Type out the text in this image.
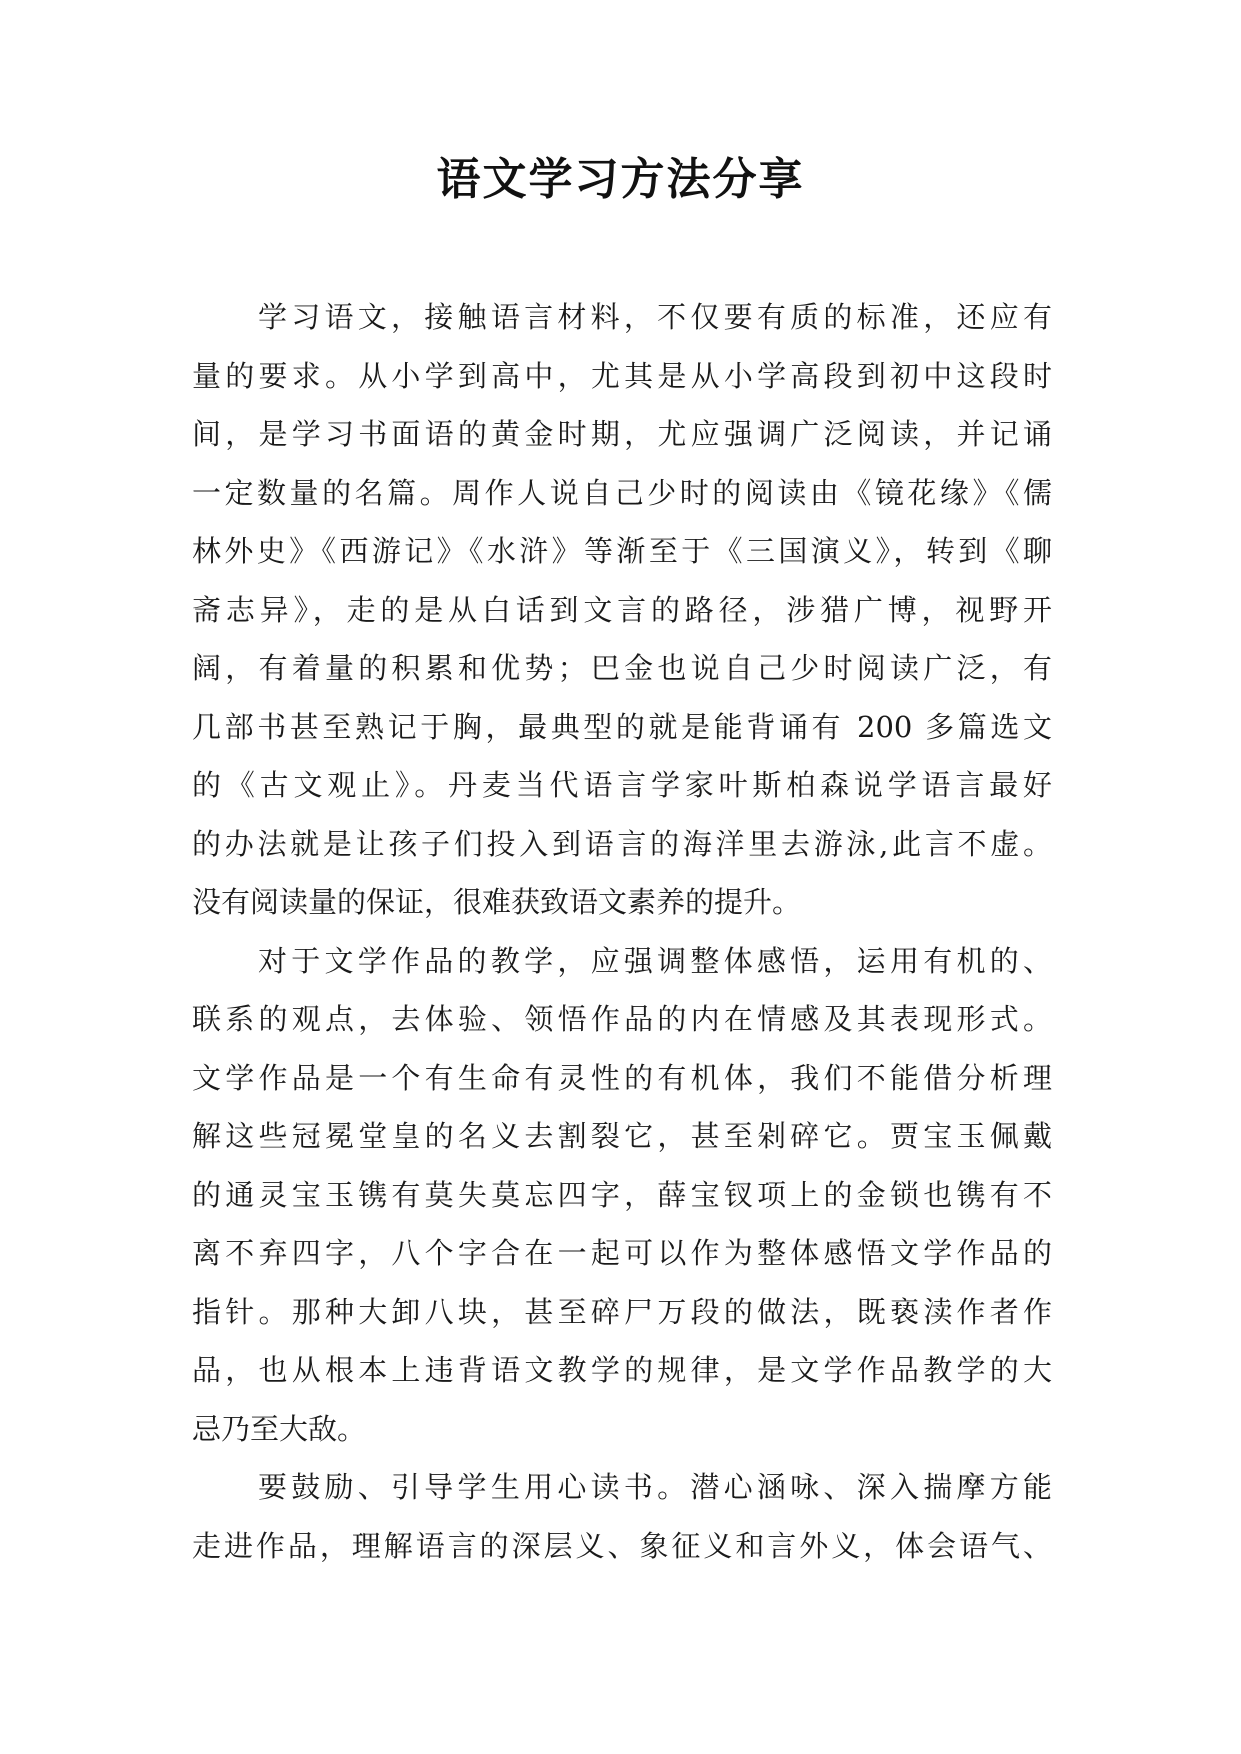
语文学习方法分享
学习语文，接触语言材料，不仅要有质的标准，还应有
量的要求。从小学到高中，尤其是从小学高段到初中这段时
间，是学习书面语的黄金时期，尤应强调广泛阅读，并记诵
一定数量的名篇。周作人说自己少时的阅读由《镜花缘》《儒
林外史》《西游记》《水浒》等渐至于《三国演义》，转到《聊
斋志异》，走的是从白话到文言的路径，涉猎广博，视野开
阔，有着量的积累和优势；巴金也说自己少时阅读广泛，有
几部书甚至熟记于胸，最典型的就是能背诵有 200 多篇选文
的《古文观止》。丹麦当代语言学家叶斯柏森说学语言最好
的办法就是让孩子们投入到语言的海洋里去游泳,此言不虚。
没有阅读量的保证，很难获致语文素养的提升。
对于文学作品的教学，应强调整体感悟，运用有机的、
联系的观点，去体验、领悟作品的内在情感及其表现形式。
文学作品是一个有生命有灵性的有机体，我们不能借分析理
解这些冠冕堂皇的名义去割裂它，甚至剁碎它。贾宝玉佩戴
的通灵宝玉镌有莫失莫忘四字，薛宝钗项上的金锁也镌有不
离不弃四字，八个字合在一起可以作为整体感悟文学作品的
指针。那种大卸八块，甚至碎尸万段的做法，既亵渎作者作
品，也从根本上违背语文教学的规律，是文学作品教学的大
忌乃至大敌。
要鼓励、引导学生用心读书。潜心涵咏、深入揣摩方能
走进作品，理解语言的深层义、象征义和言外义，体会语气、
